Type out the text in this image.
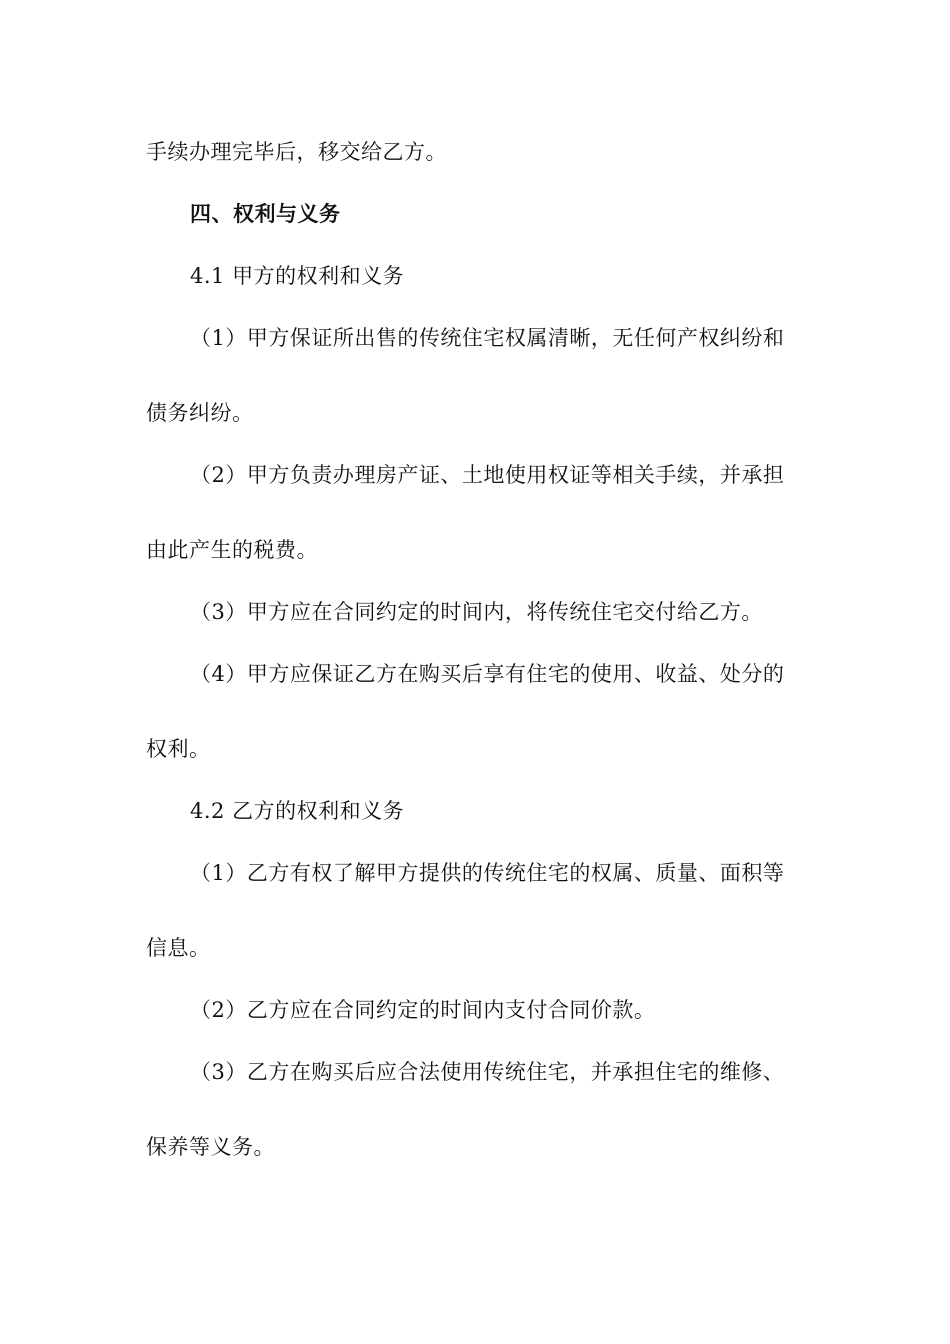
手续办理完毕后，移交给乙方。
四、权利与义务
4.1 甲方的权利和义务
（1）甲方保证所出售的传统住宅权属清晰，无任何产权纠纷和
债务纠纷。
（2）甲方负责办理房产证、土地使用权证等相关手续，并承担
由此产生的税费。
（3）甲方应在合同约定的时间内，将传统住宅交付给乙方。
（4）甲方应保证乙方在购买后享有住宅的使用、收益、处分的
权利。
4.2 乙方的权利和义务
（1）乙方有权了解甲方提供的传统住宅的权属、质量、面积等
信息。
（2）乙方应在合同约定的时间内支付合同价款。
（3）乙方在购买后应合法使用传统住宅，并承担住宅的维修、
保养等义务。
